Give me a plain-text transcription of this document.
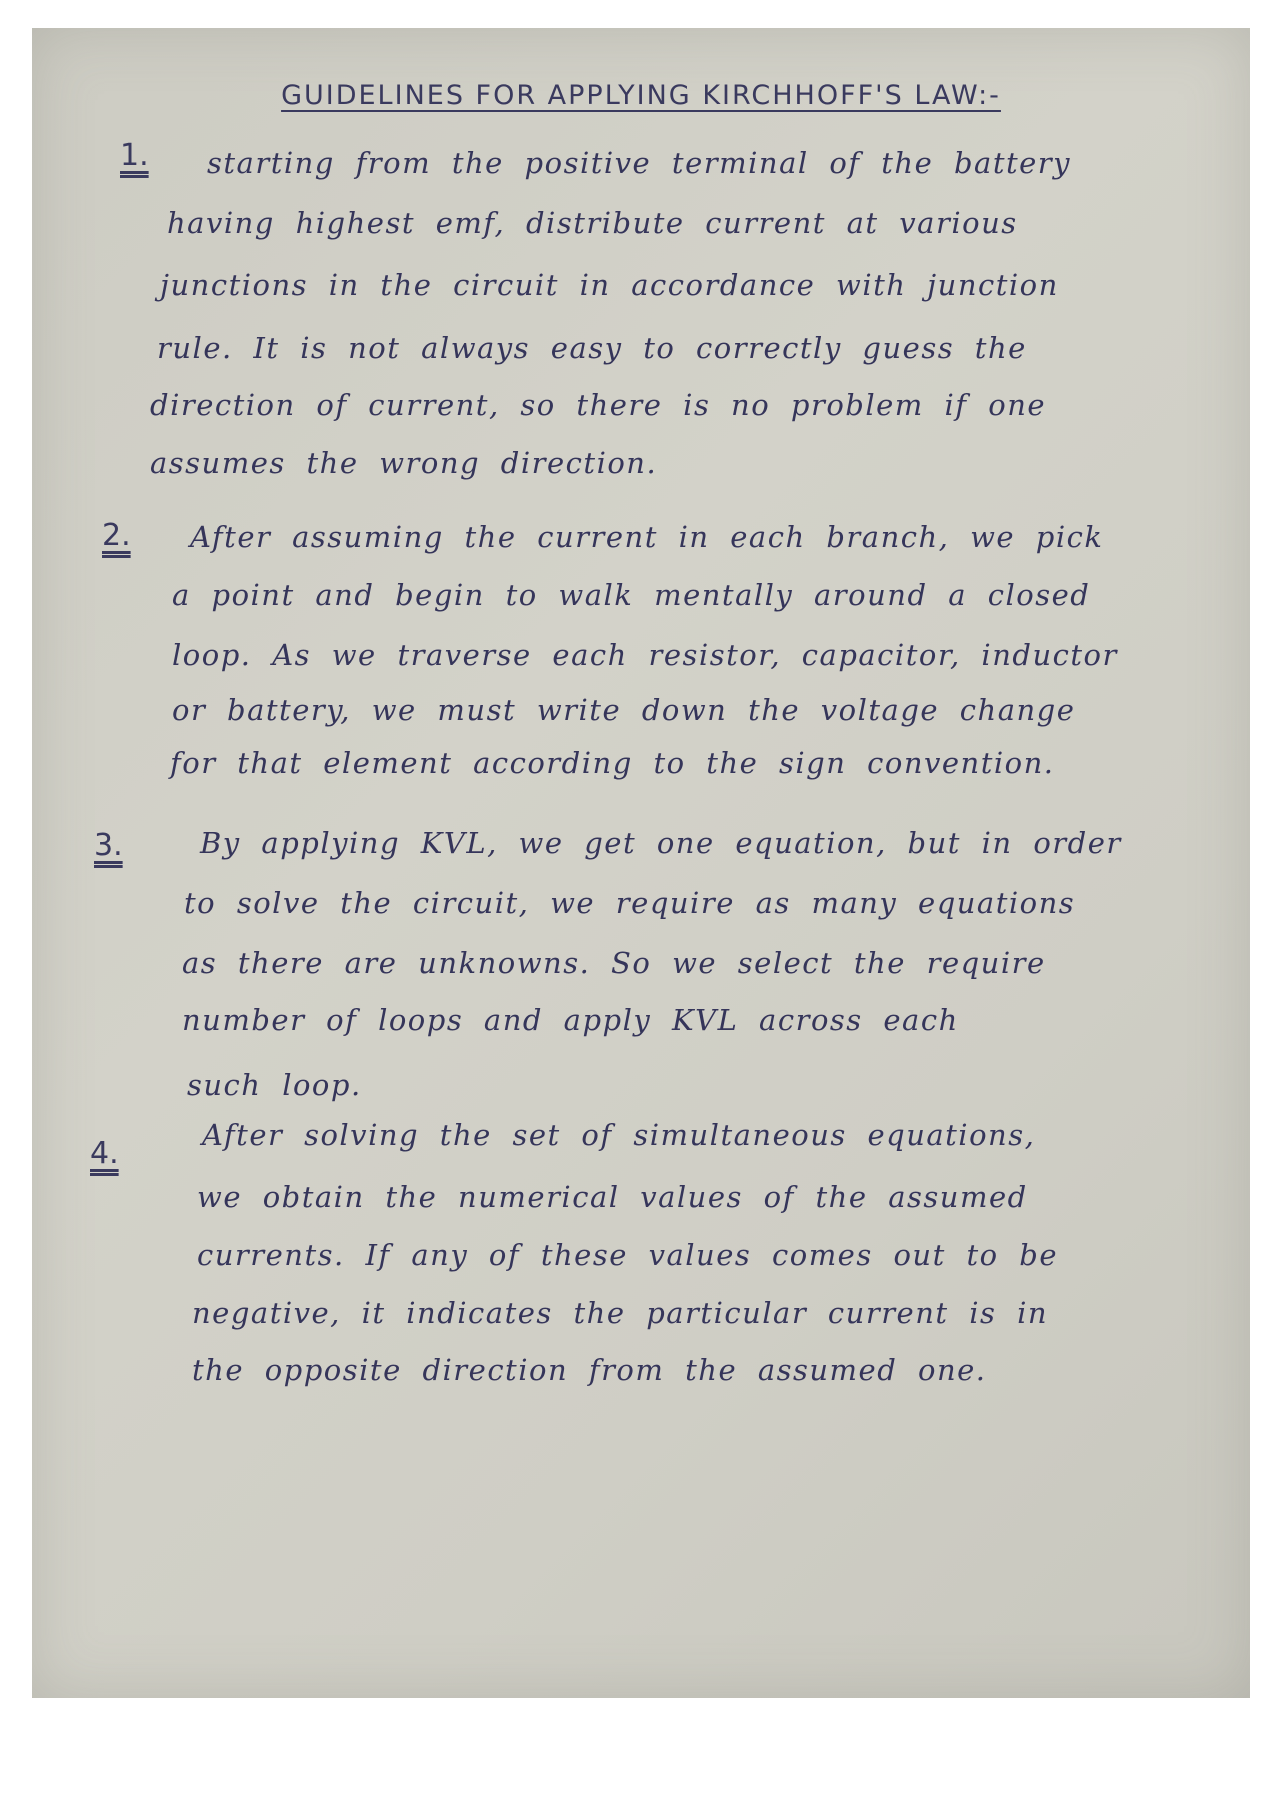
GUIDELINES FOR APPLYING KIRCHHOFF'S LAW:-
1. starting from the positive terminal of the battery
having highest emf, distribute current at various
junctions in the circuit in accordance with junction
rule. It is not always easy to correctly guess the
direction of current, so there is no problem if one
assumes the wrong direction.
2. After assuming the current in each branch, we pick
a point and begin to walk mentally around a closed
loop. As we traverse each resistor, capacitor, inductor
or battery, we must write down the voltage change
for that element according to the sign convention.
3.	By applying KVL, we get one equation, but in order
to solve the circuit, we require as many equations
as there are unknowns. So we select the require
number of loops and apply KVL across each
such loop.
4.
After solving the set of simultaneous equations,
we obtain the numerical values of the assumed
currents. If any of these values comes out to be
negative, it indicates the particular current is in
the opposite direction from the assumed one.
